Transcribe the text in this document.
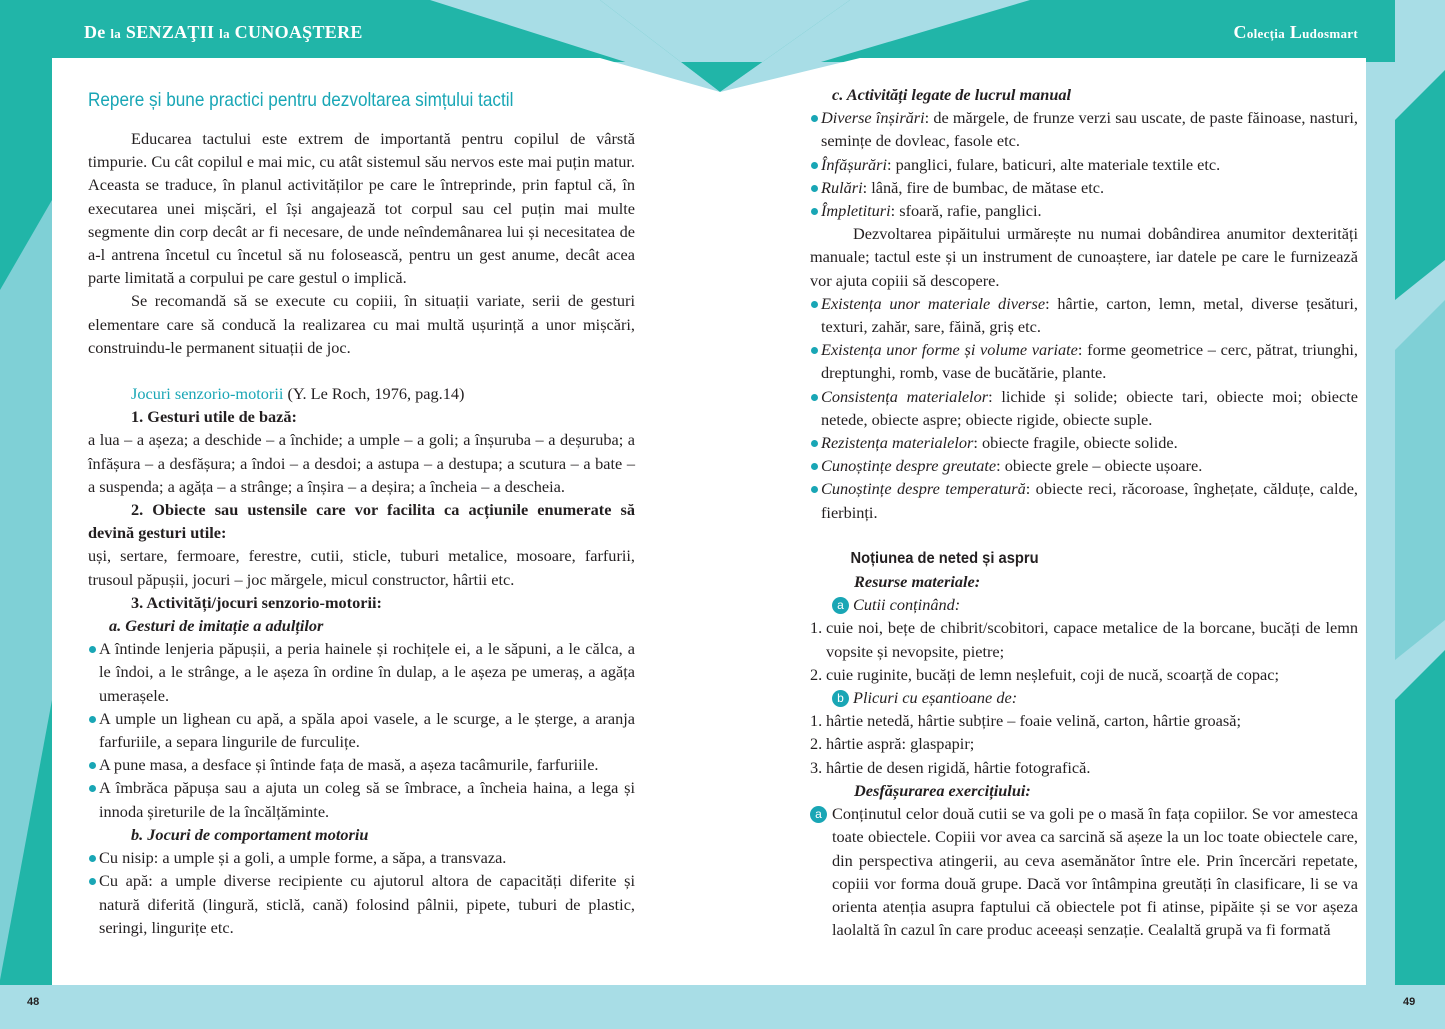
De la SENZAŢII la CUNOAŞTERE	Colecția Ludosmart
48	49
Repere și bune practici pentru dezvoltarea simțului tactil
Educarea tactului este extrem de importantă pentru copilul de vârstă timpurie. Cu cât copilul e mai mic, cu atât sistemul său nervos este mai puțin matur. Aceasta se traduce, în planul activităților pe care le întreprinde, prin faptul că, în executarea unei mișcări, el își angajează tot corpul sau cel puțin mai multe segmente din corp decât ar fi necesare, de unde neîndemânarea lui și necesitatea de a-l antrena încetul cu încetul să nu folosească, pentru un gest anume, decât acea parte limitată a corpului pe care gestul o implică.
Se recomandă să se execute cu copiii, în situații variate, serii de gesturi elementare care să conducă la realizarea cu mai multă ușurință a unor mișcări, construindu-le permanent situații de joc.
Jocuri senzorio-motorii (Y. Le Roch, 1976, pag.14)
1. Gesturi utile de bază:
a lua – a așeza; a deschide – a închide; a umple – a goli; a înșuruba – a deșuruba; a înfășura – a desfășura; a îndoi – a desdoi; a astupa – a destupa; a scutura – a bate – a suspenda; a agăța – a strânge; a înșira – a deșira; a încheia – a descheia.
2. Obiecte sau ustensile care vor facilita ca acțiunile enumerate să devină gesturi utile:
uși, sertare, fermoare, ferestre, cutii, sticle, tuburi metalice, mosoare, farfurii, trusoul păpușii, jocuri – joc mărgele, micul constructor, hârtii etc.
3. Activități/jocuri senzorio-motorii:
a. Gesturi de imitație a adulților
A întinde lenjeria păpușii, a peria hainele și rochițele ei, a le săpuni, a le călca, a le îndoi, a le strânge, a le așeza în ordine în dulap, a le așeza pe umeraș, a agăța umerașele.
A umple un lighean cu apă, a spăla apoi vasele, a le scurge, a le șterge, a aranja farfuriile, a separa lingurile de furculițe.
A pune masa, a desface și întinde fața de masă, a așeza tacâmurile, farfuriile.
A îmbrăca păpușa sau a ajuta un coleg să se îmbrace, a încheia haina, a lega și innoda șireturile de la încălțăminte.
b. Jocuri de comportament motoriu
Cu nisip: a umple și a goli, a umple forme, a săpa, a transvaza.
Cu apă: a umple diverse recipiente cu ajutorul altora de capacități diferite și natură diferită (lingură, sticlă, cană) folosind pâlnii, pipete, tuburi de plastic, seringi, lingurițe etc.
c. Activități legate de lucrul manual
Diverse înșirări: de mărgele, de frunze verzi sau uscate, de paste făinoase, nasturi, semințe de dovleac, fasole etc.
Înfășurări: panglici, fulare, baticuri, alte materiale textile etc.
Rulări: lână, fire de bumbac, de mătase etc.
Împletituri: sfoară, rafie, panglici.
Dezvoltarea pipăitului urmărește nu numai dobândirea anumitor dexterități manuale; tactul este și un instrument de cunoaștere, iar datele pe care le furnizează vor ajuta copiii să descopere.
Existența unor materiale diverse: hârtie, carton, lemn, metal, diverse țesături, texturi, zahăr, sare, făină, griș etc.
Existența unor forme și volume variate: forme geometrice – cerc, pătrat, triunghi, dreptunghi, romb, vase de bucătărie, plante.
Consistența materialelor: lichide și solide; obiecte tari, obiecte moi; obiecte netede, obiecte aspre; obiecte rigide, obiecte suple.
Rezistența materialelor: obiecte fragile, obiecte solide.
Cunoștințe despre greutate: obiecte grele – obiecte ușoare.
Cunoștințe despre temperatură: obiecte reci, răcoroase, înghețate, călduțe, calde, fierbinți.
Noțiunea de neted și aspru
Resurse materiale:
a Cutii conținând:
1. cuie noi, bețe de chibrit/scobitori, capace metalice de la borcane, bucăți de lemn vopsite și nevopsite, pietre;
2. cuie ruginite, bucăți de lemn neșlefuit, coji de nucă, scoarță de copac;
b Plicuri cu eșantioane de:
1. hârtie netedă, hârtie subțire – foaie velină, carton, hârtie groasă;
2. hârtie aspră: glaspapir;
3. hârtie de desen rigidă, hârtie fotografică.
Desfășurarea exercițiului:
a Conținutul celor două cutii se va goli pe o masă în fața copiilor. Se vor amesteca toate obiectele. Copiii vor avea ca sarcină să așeze la un loc toate obiectele care, din perspectiva atingerii, au ceva asemănător între ele. Prin încercări repetate, copiii vor forma două grupe. Dacă vor întâmpina greutăți în clasificare, li se va orienta atenția asupra faptului că obiectele pot fi atinse, pipăite și se vor așeza laolaltă în cazul în care produc aceeași senzație. Cealaltă grupă va fi formată
